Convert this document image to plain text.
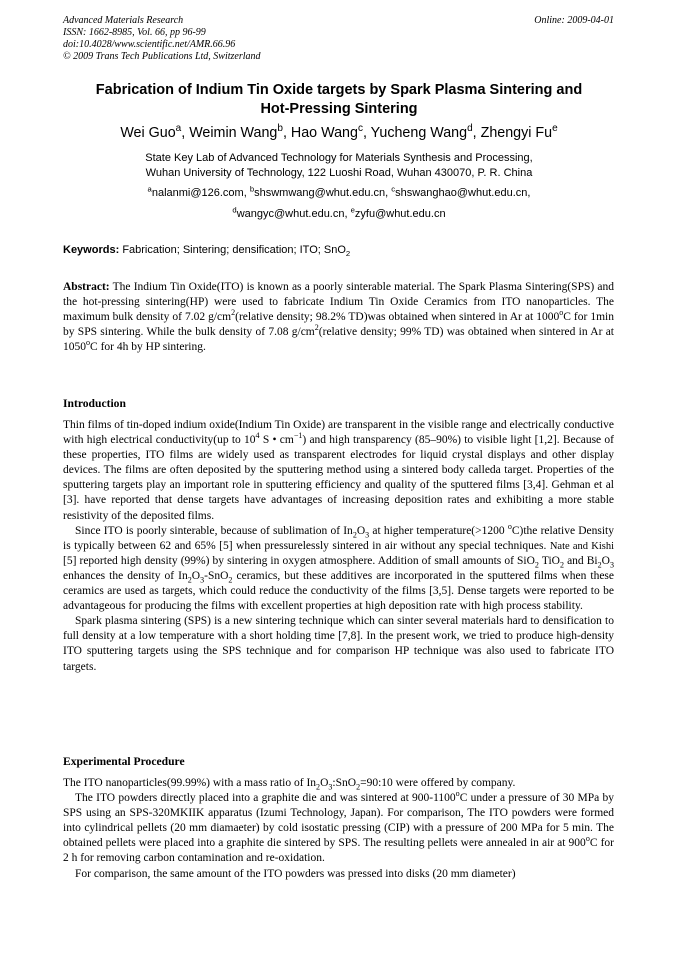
Advanced Materials Research
ISSN: 1662-8985, Vol. 66, pp 96-99
doi:10.4028/www.scientific.net/AMR.66.96
© 2009 Trans Tech Publications Ltd, Switzerland
Online: 2009-04-01
Fabrication of Indium Tin Oxide targets by Spark Plasma Sintering and
Hot-Pressing Sintering
Wei Guo$^a$, Weimin Wang$^b$, Hao Wang$^c$, Yucheng Wang$^d$, Zhengyi Fu$^e$
State Key Lab of Advanced Technology for Materials Synthesis and Processing,
Wuhan University of Technology, 122 Luoshi Road, Wuhan 430070, P. R. China
$^a$nalanmi@126.com, $^b$shswmwang@whut.edu.cn, $^c$shswanghao@whut.edu.cn,
$^d$wangyc@whut.edu.cn, $^e$zyfu@whut.edu.cn
Keywords: Fabrication; Sintering; densification; ITO; SnO$_2$

Abstract: The Indium Tin Oxide(ITO) is known as a poorly sinterable material. The Spark Plasma Sintering(SPS) and the hot-pressing sintering(HP) were used to fabricate Indium Tin Oxide Ceramics from ITO nanoparticles. The maximum bulk density of 7.02 $g/cm^2(relative$ density; 98.2% TD)was obtained when sintered in Ar at 1000$^o$C for 1min by SPS sintering. While the bulk density of 7.08 $g/cm^2(relative$ density; 99% TD) was obtained when sintered in Ar at 1050$^o$C for 4h by HP sintering.

Introduction

Thin films of tin-doped indium oxide(Indium Tin Oxide) are transparent in the visible range and electrically conductive with high electrical conductivity(up to $10^4$ S • $cm^{-1}$) and high transparency (85–90%) to visible light [1,2]. Because of these properties, ITO films are widely used as transparent electrodes for liquid crystal displays and other display devices. The films are often deposited by the sputtering method using a sintered body calleda target. Properties of the sputtering targets play an important role in sputtering efficiency and quality of the sputtered films [3,4]. Gehman et al [3]. have reported that dense targets have advantages of increasing deposition rates and exhibiting a more stable resistivity of the deposited films.

Since ITO is poorly sinterable, because of sublimation of $In_2O_3$ at higher temperature(>1200 $^o$C)the relative Density is typically between 62 and 65% [5] when pressurelessly sintered in air without any special techniques. Nate and Kishi [5] reported high density (99%) by sintering in oxygen atmosphere. Addition of small amounts of SiO$_2$ TiO$_2$ and $Bi_2O_3$ enhances the density of $In_2O_3-SnO_2$ ceramics, but these additives are incorporated in the sputtered films when these ceramics are used as targets, which could reduce the conductivity of the films [3,5]. Dense targets were reported to be advantageous for producing the films with excellent properties at high deposition rate with high process stability.

Spark plasma sintering (SPS) is a new sintering technique which can sinter several materials hard to densification to full density at a low temperature with a short holding time [7,8]. In the present work, we tried to produce high-density ITO sputtering targets using the SPS technique and for comparison HP technique was also used to fabricate ITO targets.

Experimental Procedure

The ITO nanoparticles(99.99%) with a mass ratio of $In_2O_3:SnO_2=90:10$ were offered by company.

The ITO powders directly placed into a graphite die and was sintered at 900-1100$^o$C under a pressure of 30 MPa by SPS using an SPS-320MKIIK apparatus (Izumi Technology, Japan). For comparison, The ITO powders were formed into cylindrical pellets (20 mm diamaeter) by cold isostatic pressing (CIP) with a pressure of 200 MPa for 5 min. The obtained pellets were placed into a graphite die sintered by SPS. The resulting pellets were annealed in air at 900$^o$C for 2 h for removing carbon contamination and re-oxidation.

For comparison, the same amount of the ITO powders was pressed into disks (20 mm diameter)
